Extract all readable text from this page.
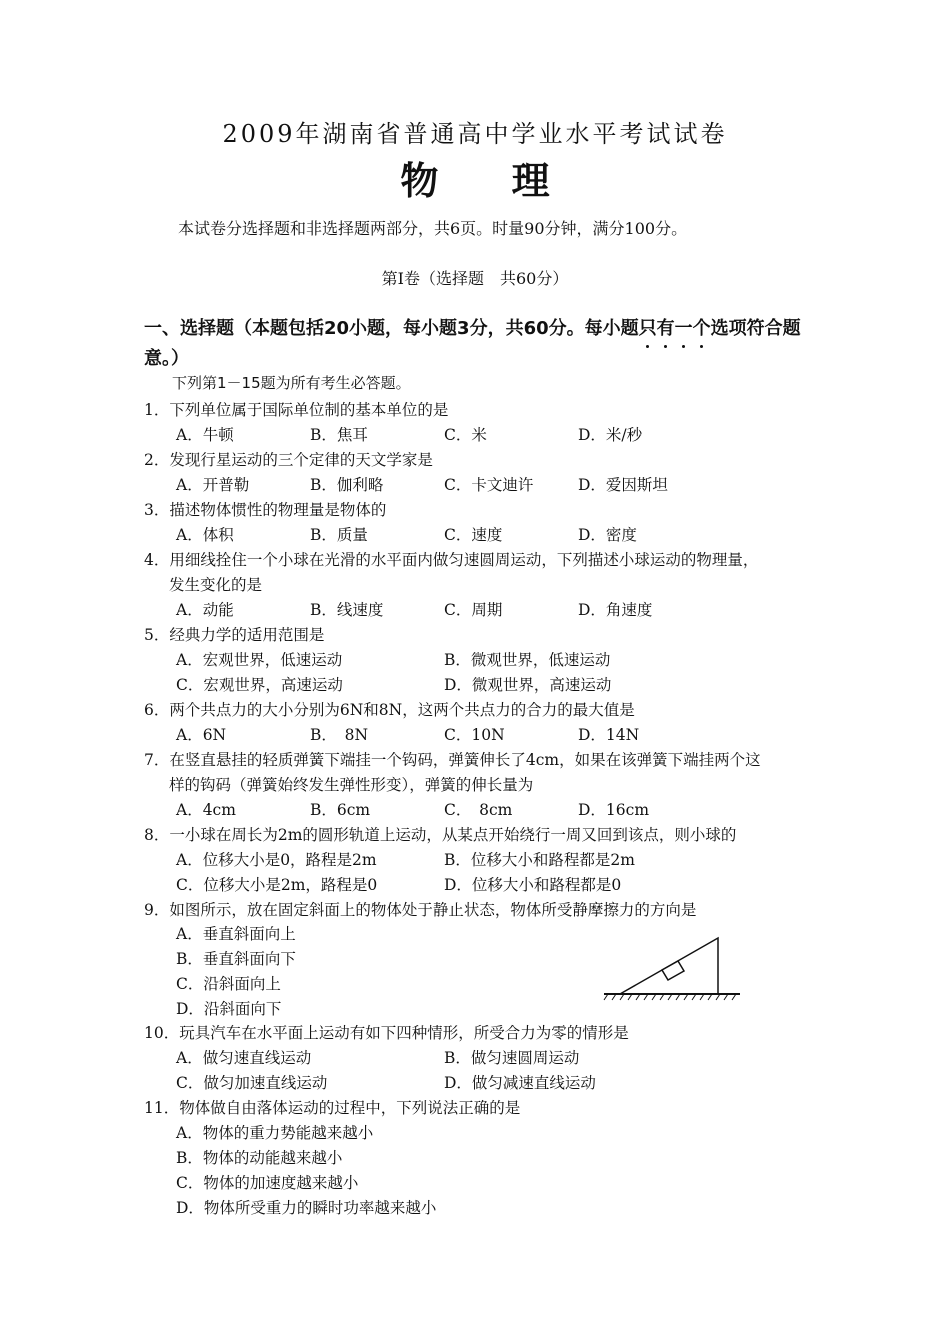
2009年湖南省普通高中学业水平考试试卷
物 理
本试卷分选择题和非选择题两部分，共6页。时量90分钟，满分100分。
第I卷（选择题　共60分）
一、选择题（本题包括20小题，每小题3分，共60分。每小题只有一个选项符合题
意。）
下列第1－15题为所有考生必答题。
1．下列单位属于国际单位制的基本单位的是
A．牛顿	B．焦耳	C．米	D．米/秒
2．发现行星运动的三个定律的天文学家是
A．开普勒	B．伽利略	C．卡文迪许	D．爱因斯坦
3．描述物体惯性的物理量是物体的
A．体积	B．质量	C．速度	D．密度
4．用细线拴住一个小球在光滑的水平面内做匀速圆周运动，下列描述小球运动的物理量，
发生变化的是
A．动能	B．线速度	C．周期	D．角速度
5．经典力学的适用范围是
A．宏观世界，低速运动	B．微观世界，低速运动
C．宏观世界，高速运动	D．微观世界，高速运动
6．两个共点力的大小分别为6N和8N，这两个共点力的合力的最大值是
A．6N	B．　8N	C．10N	D．14N
7．在竖直悬挂的轻质弹簧下端挂一个钩码，弹簧伸长了4cm，如果在该弹簧下端挂两个这
样的钩码（弹簧始终发生弹性形变），弹簧的伸长量为
A．4cm	B．6cm	C．　8cm	D．16cm
8．一小球在周长为2m的圆形轨道上运动，从某点开始绕行一周又回到该点，则小球的
A．位移大小是0，路程是2m	B．位移大小和路程都是2m
C．位移大小是2m，路程是0	D．位移大小和路程都是0
9．如图所示，放在固定斜面上的物体处于静止状态，物体所受静摩擦力的方向是
A．垂直斜面向上
B．垂直斜面向下
C．沿斜面向上
D．沿斜面向下
10．玩具汽车在水平面上运动有如下四种情形，所受合力为零的情形是
A．做匀速直线运动	B．做匀速圆周运动
C．做匀加速直线运动	D．做匀减速直线运动
11．物体做自由落体运动的过程中，下列说法正确的是
A．物体的重力势能越来越小
B．物体的动能越来越小
C．物体的加速度越来越小
D．物体所受重力的瞬时功率越来越小
